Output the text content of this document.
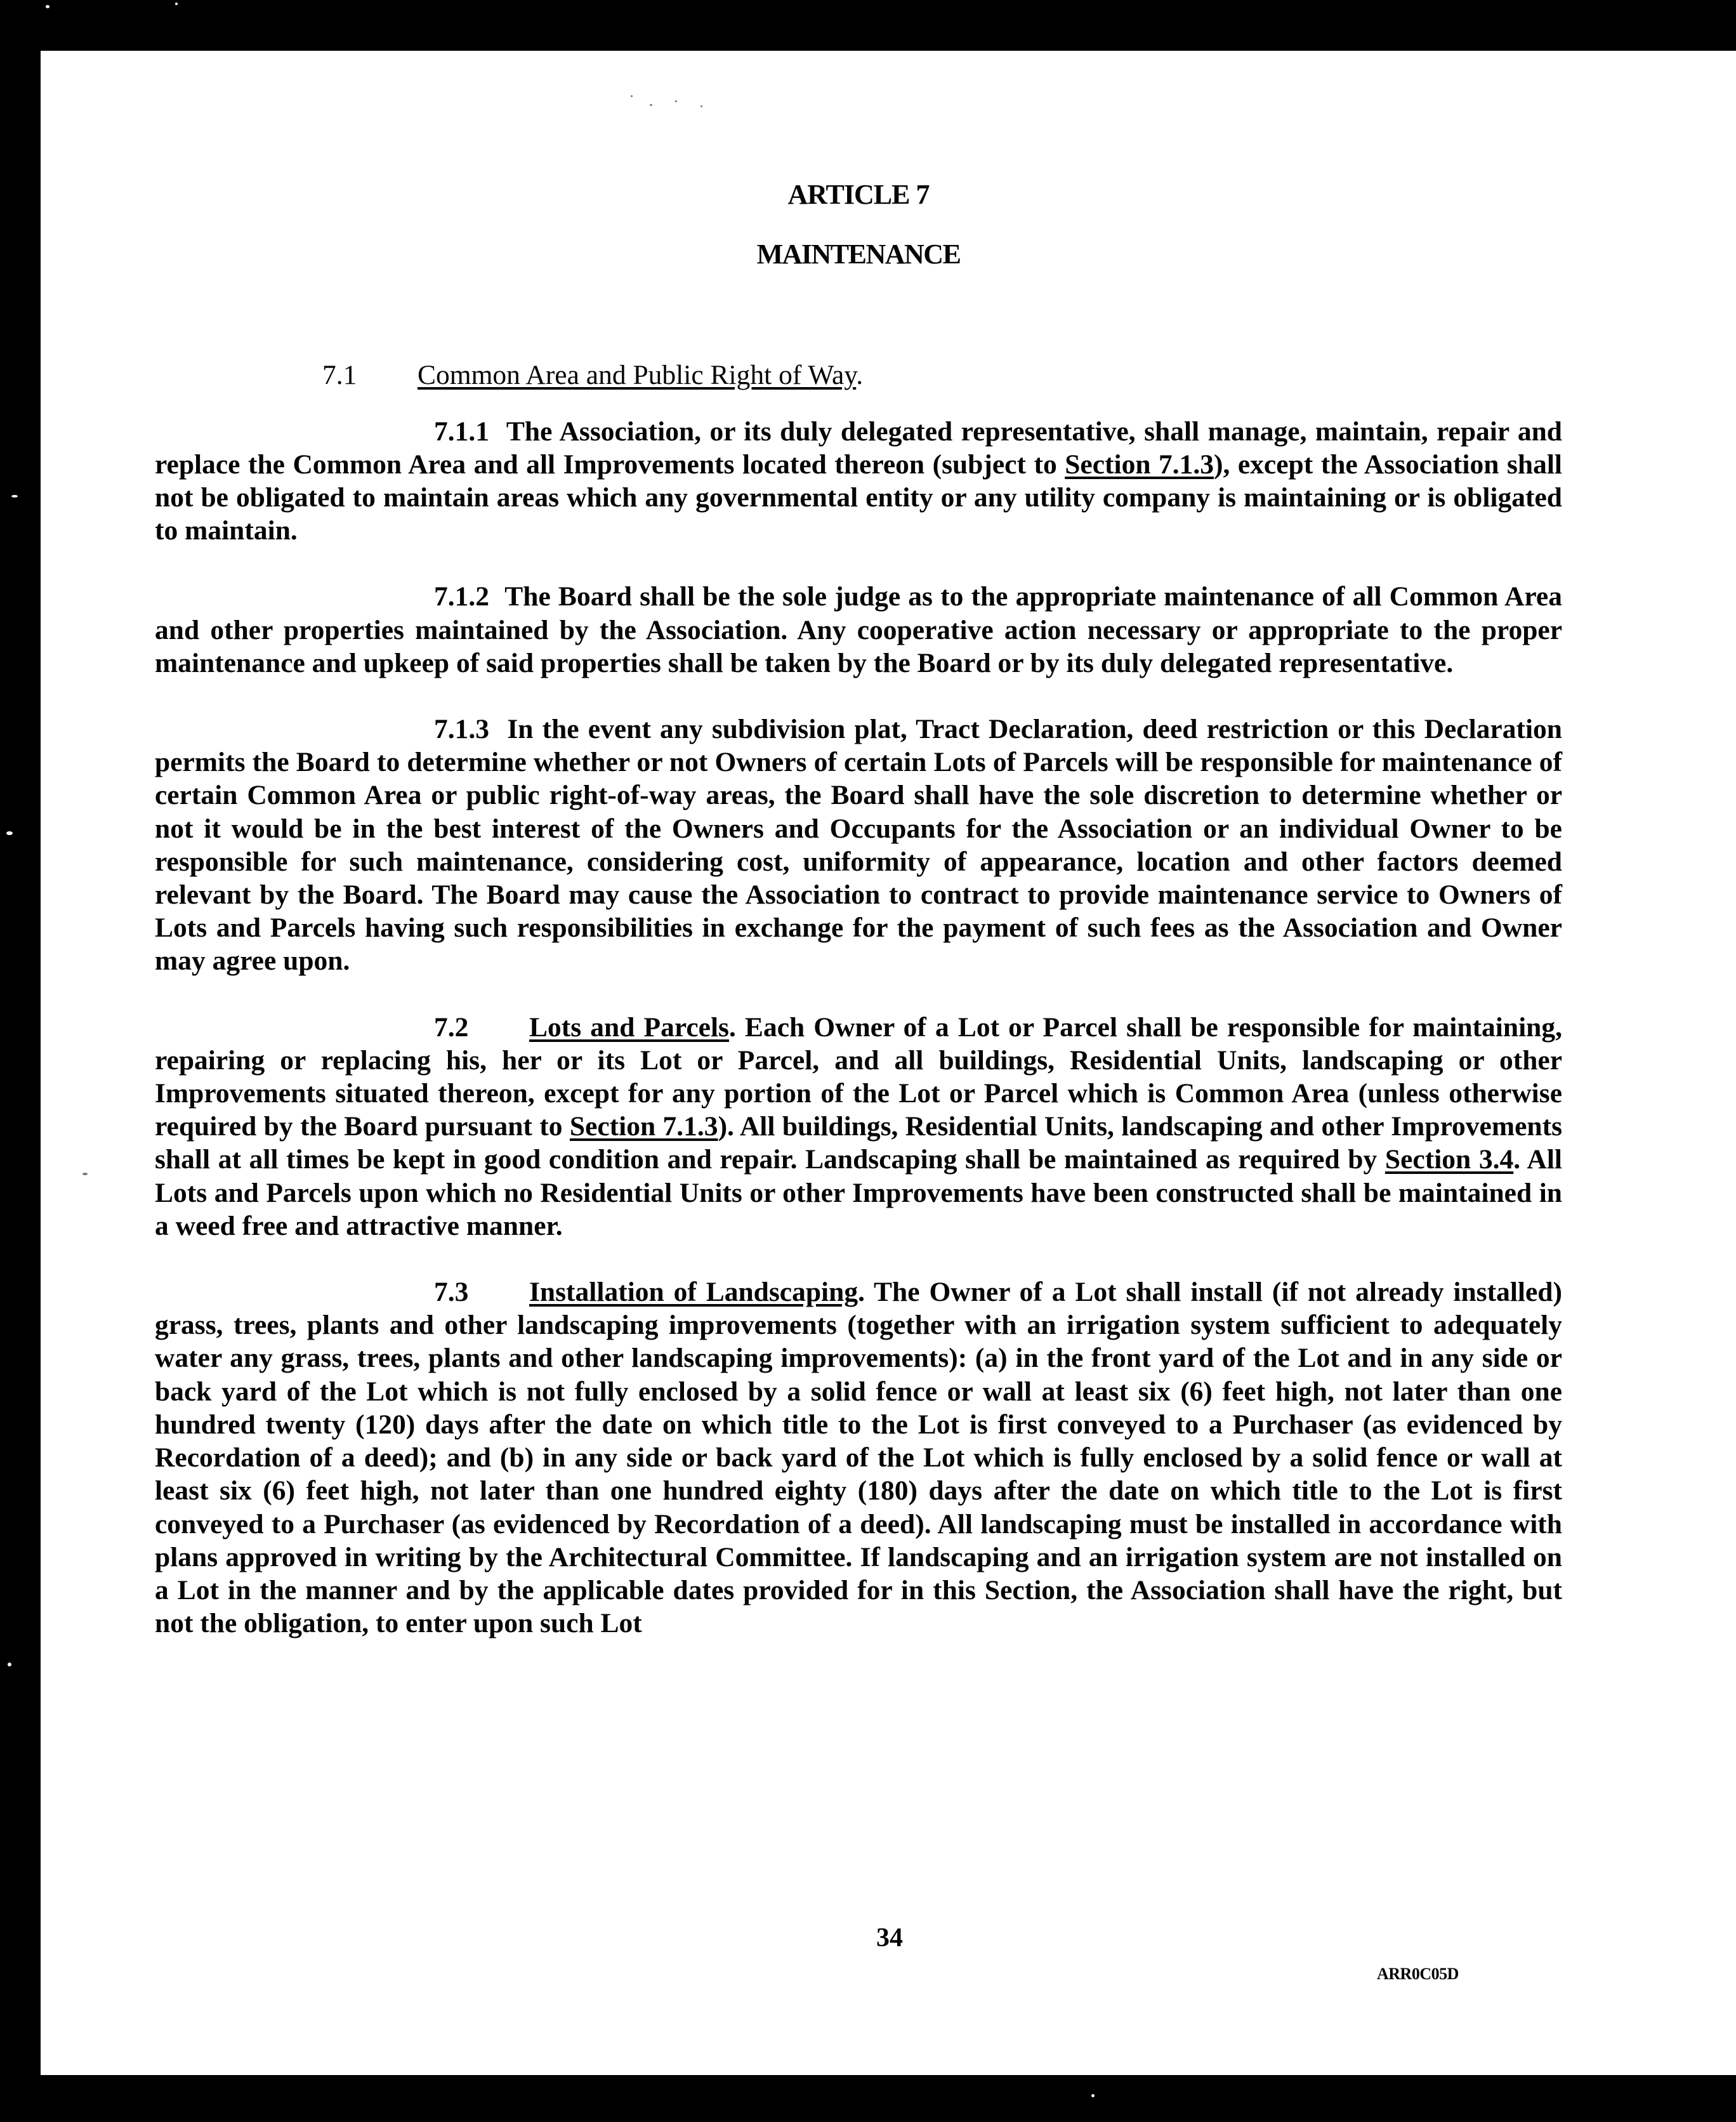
34
ARR0C05D

ARTICLE 7

MAINTENANCE

7.1 Common Area and Public Right of Way.

7.1.1 The Association, or its duly delegated representative, shall manage, maintain, repair and replace the Common Area and all Improvements located thereon (subject to Section 7.1.3), except the Association shall not be obligated to maintain areas which any governmental entity or any utility company is maintaining or is obligated to maintain.

7.1.2 The Board shall be the sole judge as to the appropriate maintenance of all Common Area and other properties maintained by the Association. Any cooperative action necessary or appropriate to the proper maintenance and upkeep of said properties shall be taken by the Board or by its duly delegated representative.

7.1.3 In the event any subdivision plat, Tract Declaration, deed restriction or this Declaration permits the Board to determine whether or not Owners of certain Lots of Parcels will be responsible for maintenance of certain Common Area or public right-of-way areas, the Board shall have the sole discretion to determine whether or not it would be in the best interest of the Owners and Occupants for the Association or an individual Owner to be responsible for such maintenance, considering cost, uniformity of appearance, location and other factors deemed relevant by the Board. The Board may cause the Association to contract to provide maintenance service to Owners of Lots and Parcels having such responsibilities in exchange for the payment of such fees as the Association and Owner may agree upon.

7.2 Lots and Parcels. Each Owner of a Lot or Parcel shall be responsible for maintaining, repairing or replacing his, her or its Lot or Parcel, and all buildings, Residential Units, landscaping or other Improvements situated thereon, except for any portion of the Lot or Parcel which is Common Area (unless otherwise required by the Board pursuant to Section 7.1.3). All buildings, Residential Units, landscaping and other Improvements shall at all times be kept in good condition and repair. Landscaping shall be maintained as required by Section 3.4. All Lots and Parcels upon which no Residential Units or other Improvements have been constructed shall be maintained in a weed free and attractive manner.

7.3 Installation of Landscaping. The Owner of a Lot shall install (if not already installed) grass, trees, plants and other landscaping improvements (together with an irrigation system sufficient to adequately water any grass, trees, plants and other landscaping improvements): (a) in the front yard of the Lot and in any side or back yard of the Lot which is not fully enclosed by a solid fence or wall at least six (6) feet high, not later than one hundred twenty (120) days after the date on which title to the Lot is first conveyed to a Purchaser (as evidenced by Recordation of a deed); and (b) in any side or back yard of the Lot which is fully enclosed by a solid fence or wall at least six (6) feet high, not later than one hundred eighty (180) days after the date on which title to the Lot is first conveyed to a Purchaser (as evidenced by Recordation of a deed). All landscaping must be installed in accordance with plans approved in writing by the Architectural Committee. If landscaping and an irrigation system are not installed on a Lot in the manner and by the applicable dates provided for in this Section, the Association shall have the right, but not the obligation, to enter upon such Lot
